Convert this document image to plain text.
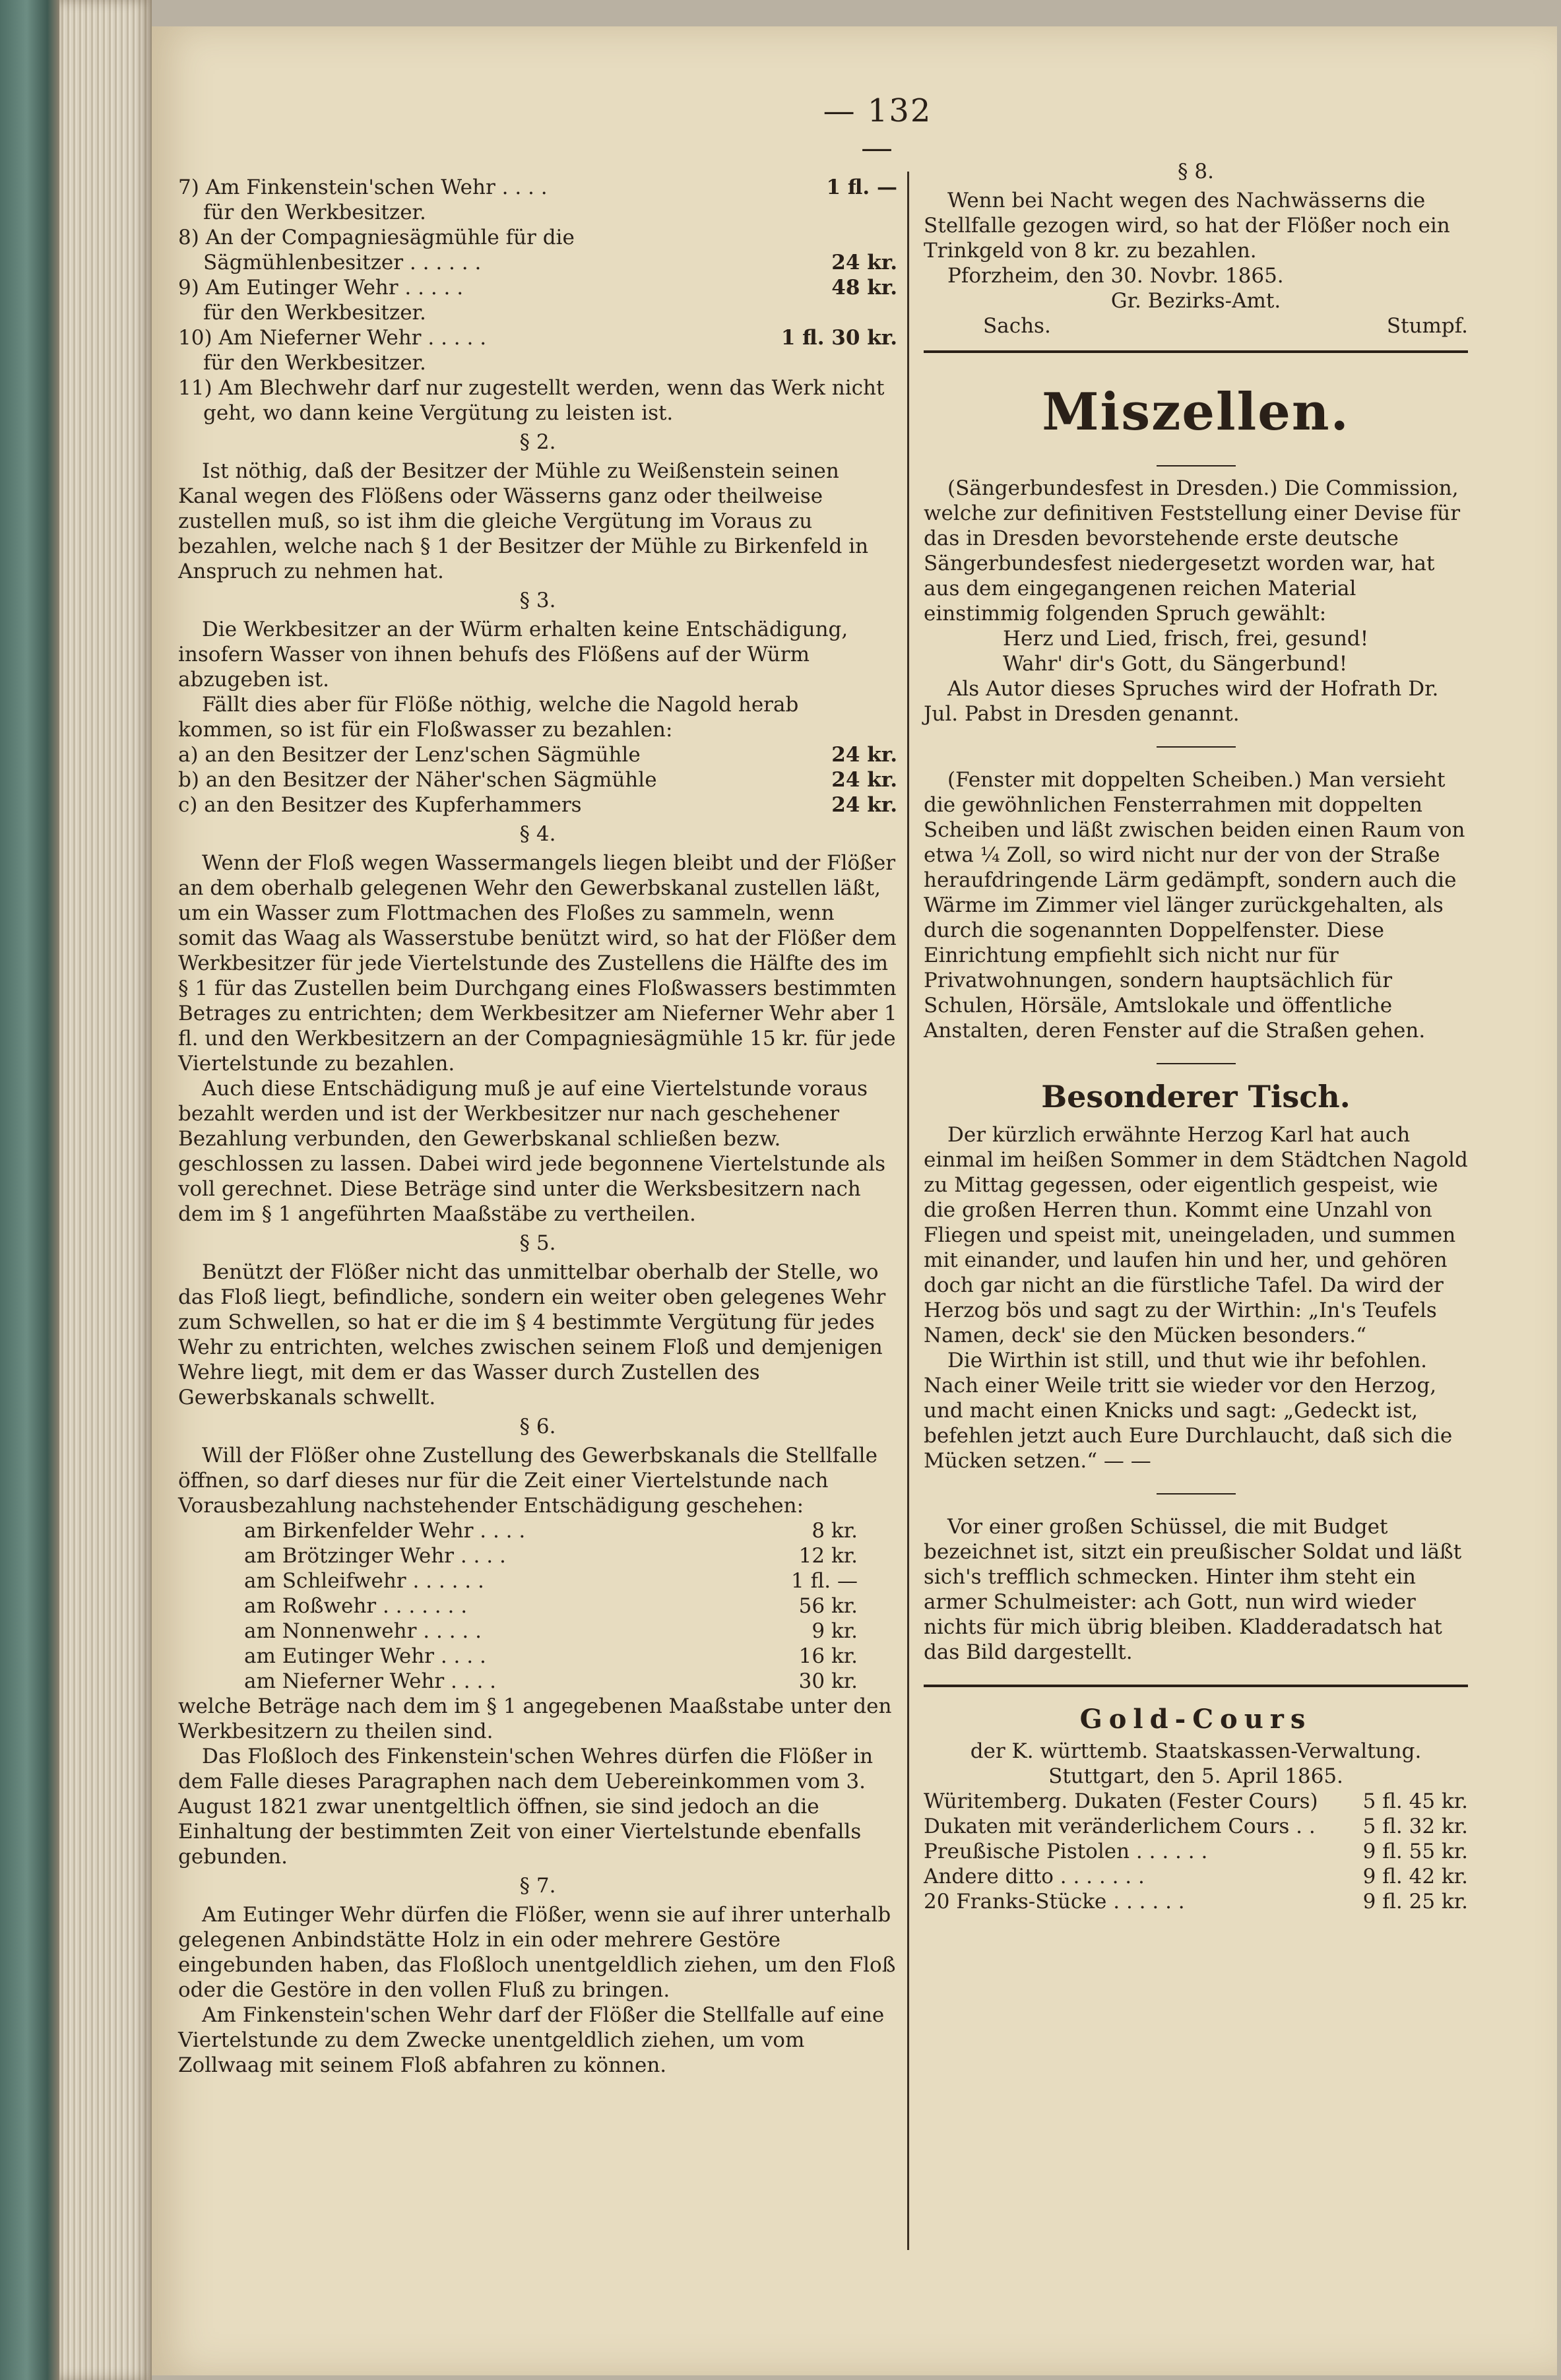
— 132 —
7) Am Finkenstein'schen Wehr . . . .	1 fl. —
für den Werkbesitzer.
8) An der Compagniesägmühle für die
Sägmühlenbesitzer . . . . . .	24 kr.
9) Am Eutinger Wehr . . . . .	48 kr.
für den Werkbesitzer.
10) Am Nieferner Wehr . . . . .	1 fl. 30 kr.
für den Werkbesitzer.

11) Am Blechwehr darf nur zugestellt werden, wenn das Werk nicht geht, wo dann keine Vergütung zu leisten ist.

§ 2.

Ist nöthig, daß der Besitzer der Mühle zu Weißenstein seinen Kanal wegen des Flößens oder Wässerns ganz oder theilweise zustellen muß, so ist ihm die gleiche Vergütung im Voraus zu bezahlen, welche nach § 1 der Besitzer der Mühle zu Birkenfeld in Anspruch zu nehmen hat.

§ 3.

Die Werkbesitzer an der Würm erhalten keine Entschädigung, insofern Wasser von ihnen behufs des Flößens auf der Würm abzugeben ist.

Fällt dies aber für Flöße nöthig, welche die Nagold herab kommen, so ist für ein Floßwasser zu bezahlen:

a) an den Besitzer der Lenz'schen Sägmühle	24 kr.
b) an den Besitzer der Näher'schen Sägmühle	24 kr.
c) an den Besitzer des Kupferhammers	24 kr.

§ 4.

Wenn der Floß wegen Wassermangels liegen bleibt und der Flößer an dem oberhalb gelegenen Wehr den Gewerbskanal zustellen läßt, um ein Wasser zum Flottmachen des Floßes zu sammeln, wenn somit das Waag als Wasserstube benützt wird, so hat der Flößer dem Werkbesitzer für jede Viertelstunde des Zustellens die Hälfte des im § 1 für das Zustellen beim Durchgang eines Floßwassers bestimmten Betrages zu entrichten; dem Werkbesitzer am Nieferner Wehr aber 1 fl. und den Werkbesitzern an der Compagniesägmühle 15 kr. für jede Viertelstunde zu bezahlen.

Auch diese Entschädigung muß je auf eine Viertelstunde voraus bezahlt werden und ist der Werkbesitzer nur nach geschehener Bezahlung verbunden, den Gewerbskanal schließen bezw. geschlossen zu lassen. Dabei wird jede begonnene Viertelstunde als voll gerechnet. Diese Beträge sind unter die Werksbesitzern nach dem im § 1 angeführten Maaßstäbe zu vertheilen.

§ 5.

Benützt der Flößer nicht das unmittelbar oberhalb der Stelle, wo das Floß liegt, befindliche, sondern ein weiter oben gelegenes Wehr zum Schwellen, so hat er die im § 4 bestimmte Vergütung für jedes Wehr zu entrichten, welches zwischen seinem Floß und demjenigen Wehre liegt, mit dem er das Wasser durch Zustellen des Gewerbskanals schwellt.

§ 6.

Will der Flößer ohne Zustellung des Gewerbskanals die Stellfalle öffnen, so darf dieses nur für die Zeit einer Viertelstunde nach Vorausbezahlung nachstehender Entschädigung geschehen:

am Birkenfelder Wehr . . . .	8 kr.
am Brötzinger Wehr . . . .	12 kr.
am Schleifwehr . . . . . .	1 fl. —
am Roßwehr . . . . . . .	56 kr.
am Nonnenwehr . . . . .	9 kr.
am Eutinger Wehr . . . .	16 kr.
am Nieferner Wehr . . . .	30 kr.

welche Beträge nach dem im § 1 angegebenen Maaßstabe unter den Werkbesitzern zu theilen sind.

Das Floßloch des Finkenstein'schen Wehres dürfen die Flößer in dem Falle dieses Paragraphen nach dem Uebereinkommen vom 3. August 1821 zwar unentgeltlich öffnen, sie sind jedoch an die Einhaltung der bestimmten Zeit von einer Viertelstunde ebenfalls gebunden.

§ 7.

Am Eutinger Wehr dürfen die Flößer, wenn sie auf ihrer unterhalb gelegenen Anbindstätte Holz in ein oder mehrere Gestöre eingebunden haben, das Floßloch unentgeldlich ziehen, um den Floß oder die Gestöre in den vollen Fluß zu bringen.

Am Finkenstein'schen Wehr darf der Flößer die Stellfalle auf eine Viertelstunde zu dem Zwecke unentgeldlich ziehen, um vom Zollwaag mit seinem Floß abfahren zu können.

§ 8.

Wenn bei Nacht wegen des Nachwässerns die Stellfalle gezogen wird, so hat der Flößer noch ein Trinkgeld von 8 kr. zu bezahlen.

Pforzheim, den 30. Novbr. 1865.

Gr. Bezirks-Amt.

Sachs.	Stumpf.

Miszellen.

(Sängerbundesfest in Dresden.) Die Commission, welche zur definitiven Feststellung einer Devise für das in Dresden bevorstehende erste deutsche Sängerbundesfest niedergesetzt worden war, hat aus dem eingegangenen reichen Material einstimmig folgenden Spruch gewählt:

Herz und Lied, frisch, frei, gesund!

Wahr' dir's Gott, du Sängerbund!

Als Autor dieses Spruches wird der Hofrath Dr. Jul. Pabst in Dresden genannt.

(Fenster mit doppelten Scheiben.) Man versieht die gewöhnlichen Fensterrahmen mit doppelten Scheiben und läßt zwischen beiden einen Raum von etwa ¼ Zoll, so wird nicht nur der von der Straße heraufdringende Lärm gedämpft, sondern auch die Wärme im Zimmer viel länger zurückgehalten, als durch die sogenannten Doppelfenster. Diese Einrichtung empfiehlt sich nicht nur für Privatwohnungen, sondern hauptsächlich für Schulen, Hörsäle, Amtslokale und öffentliche Anstalten, deren Fenster auf die Straßen gehen.

Besonderer Tisch.

Der kürzlich erwähnte Herzog Karl hat auch einmal im heißen Sommer in dem Städtchen Nagold zu Mittag gegessen, oder eigentlich gespeist, wie die großen Herren thun. Kommt eine Unzahl von Fliegen und speist mit, uneingeladen, und summen mit einander, und laufen hin und her, und gehören doch gar nicht an die fürstliche Tafel. Da wird der Herzog bös und sagt zu der Wirthin: „In's Teufels Namen, deck' sie den Mücken besonders.“

Die Wirthin ist still, und thut wie ihr befohlen. Nach einer Weile tritt sie wieder vor den Herzog, und macht einen Knicks und sagt: „Gedeckt ist, befehlen jetzt auch Eure Durchlaucht, daß sich die Mücken setzen.“ — —

Vor einer großen Schüssel, die mit Budget bezeichnet ist, sitzt ein preußischer Soldat und läßt sich's trefflich schmecken. Hinter ihm steht ein armer Schulmeister: ach Gott, nun wird wieder nichts für mich übrig bleiben. Kladderadatsch hat das Bild dargestellt.

Gold-Cours

der K. württemb. Staatskassen-Verwaltung.

Stuttgart, den 5. April 1865.

Würitemberg. Dukaten (Fester Cours) 5 fl. 45 kr.
Dukaten mit veränderlichem Cours . . 5 fl. 32 kr.
Preußische Pistolen . . . . . .	9 fl. 55 kr.
Andere ditto . . . . . . .	9 fl. 42 kr.
20 Franks-Stücke . . . . . .	9 fl. 25 kr.
